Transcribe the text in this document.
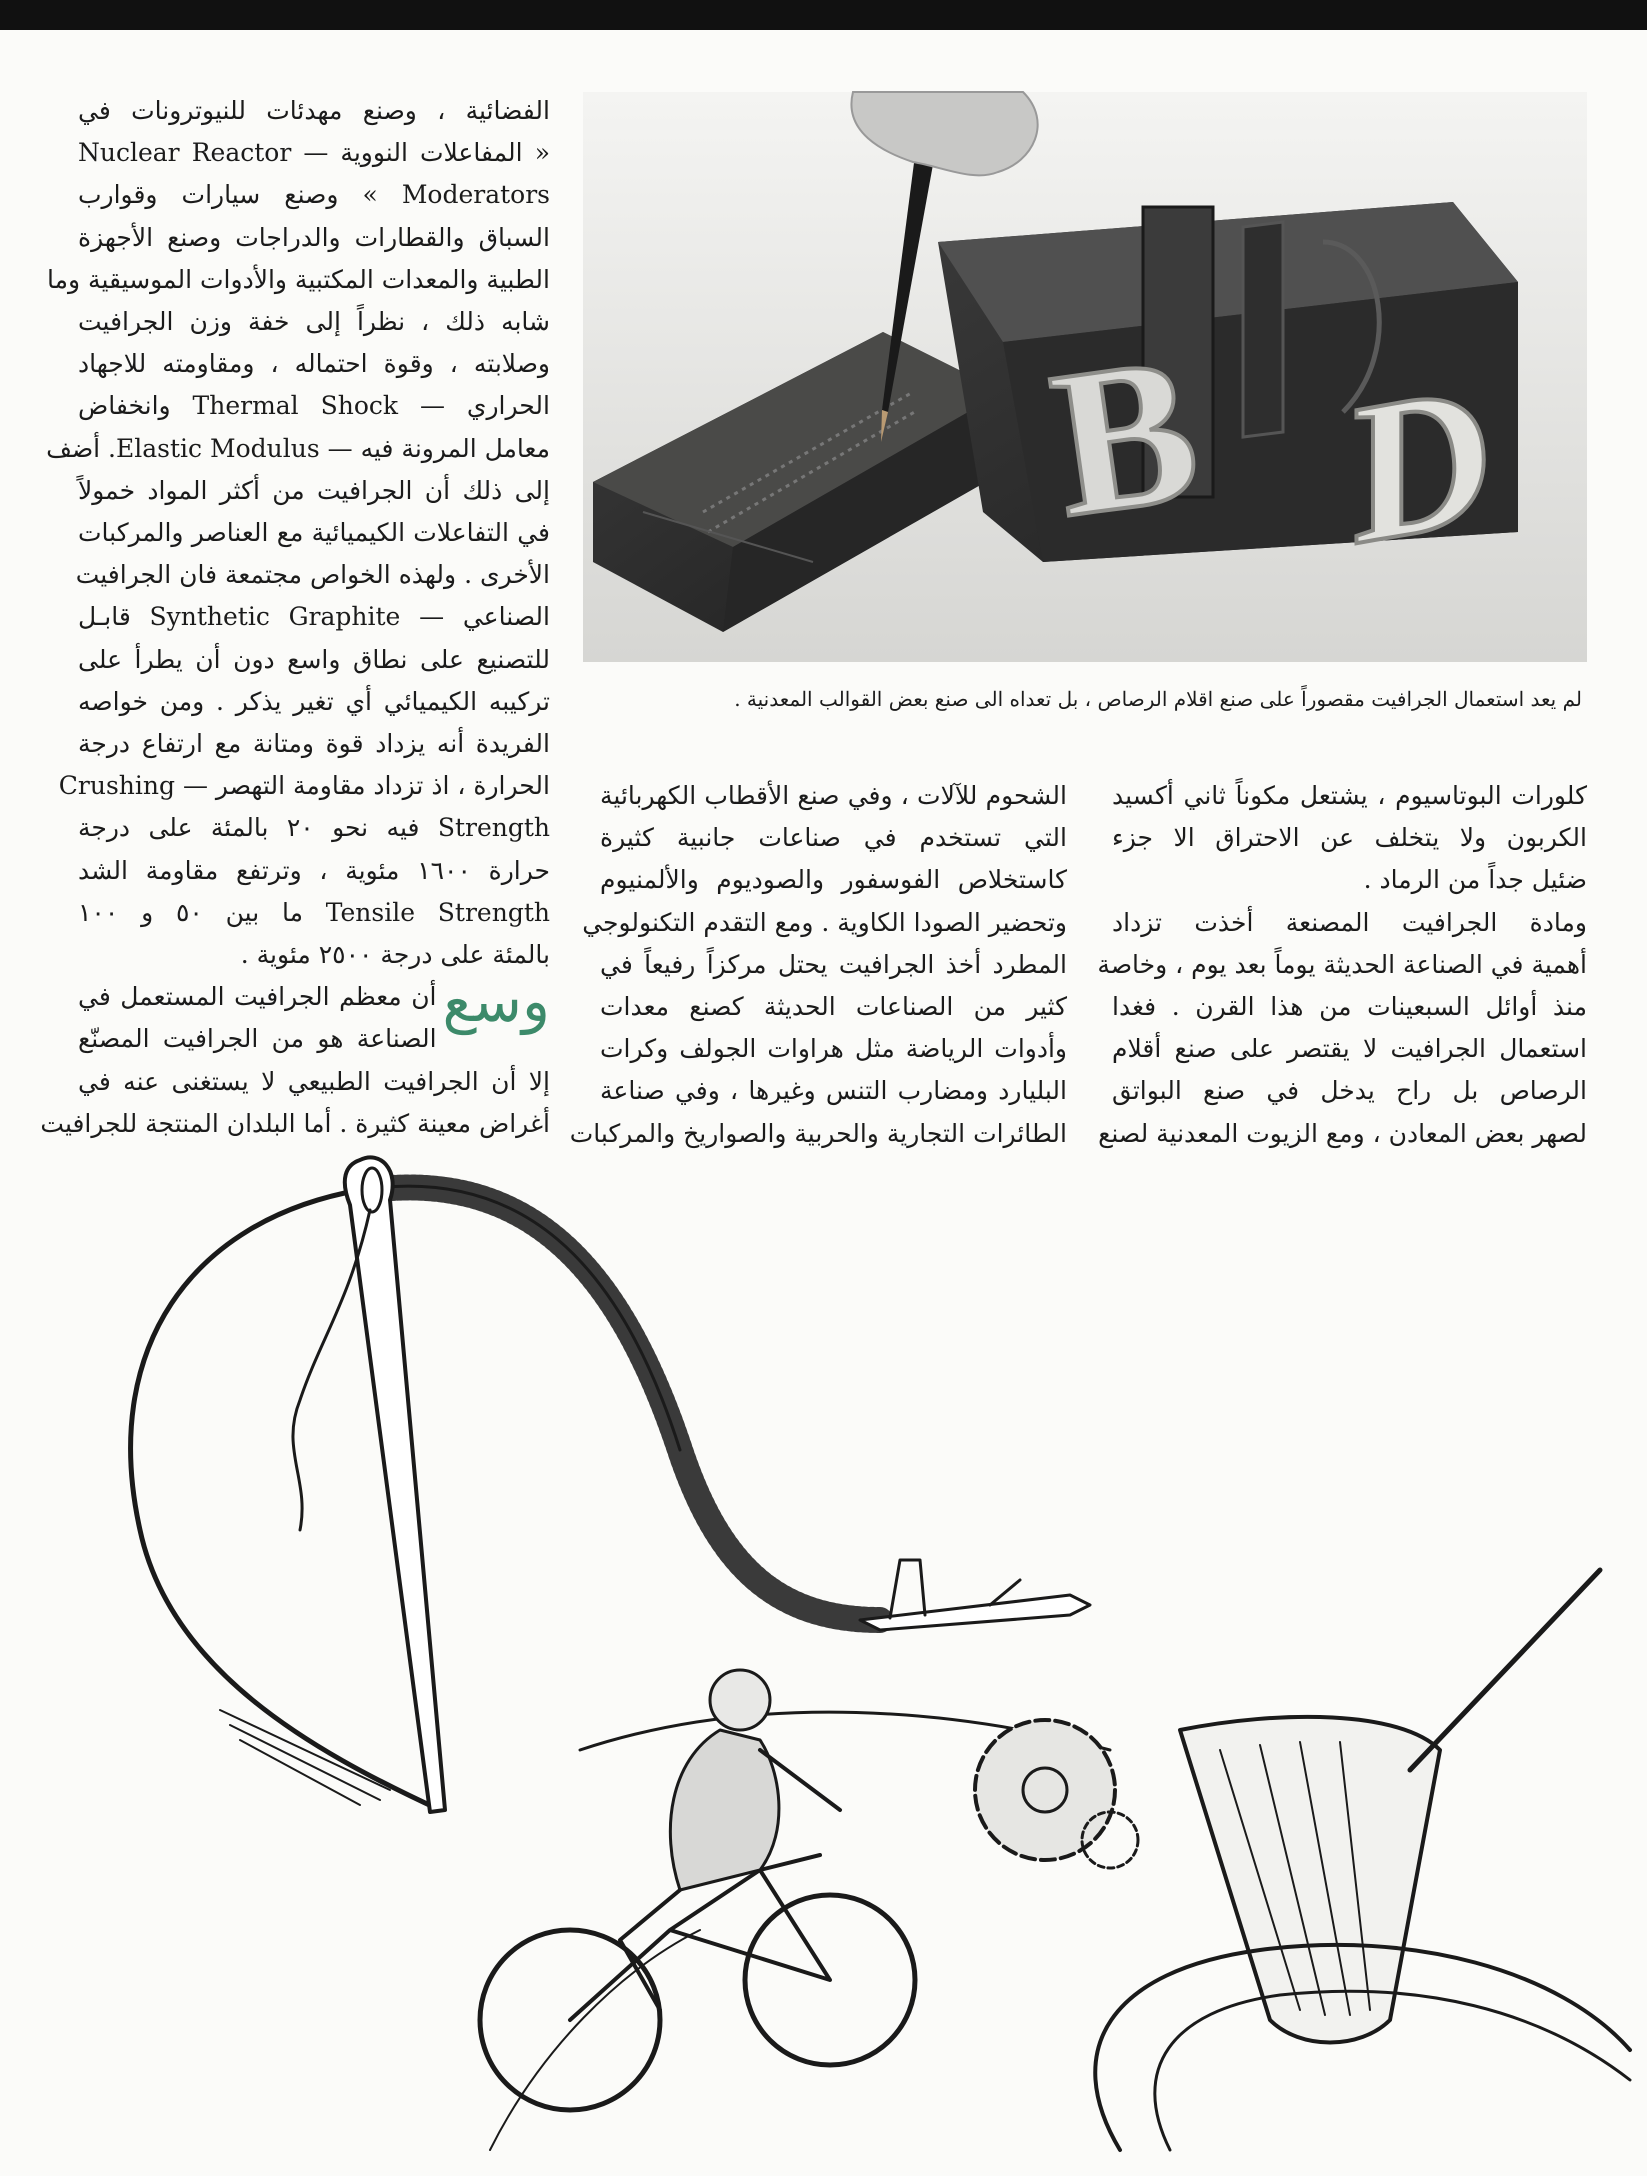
الفضائية ، وصنع مهدئات للنيوترونات في
« المفاعلات النووية — Nuclear Reactor
Moderators » وصنع سيارات وقوارب
السباق والقطارات والدراجات وصنع الأجهزة
الطبية والمعدات المكتبية والأدوات الموسيقية وما
شابه ذلك ، نظراً إلى خفة وزن الجرافيت
وصلابته ، وقوة احتماله ، ومقاومته للاجهاد
الحراري — Thermal Shock وانخفاض
معامل المرونة فيه — Elastic Modulus. أضف
إلى ذلك أن الجرافيت من أكثر المواد خمولاً
في التفاعلات الكيميائية مع العناصر والمركبات
الأخرى . ولهذه الخواص مجتمعة فان الجرافيت
الصناعي — Synthetic Graphite قابـل
للتصنيع على نطاق واسع دون أن يطرأ على
تركيبه الكيميائي أي تغير يذكر . ومن خواصه
الفريدة أنه يزداد قوة ومتانة مع ارتفاع درجة
الحرارة ، اذ تزداد مقاومة التهصر — Crushing
Strength فيه نحو ٢٠ بالمئة على درجة
حرارة ١٦٠٠ مئوية ، وترتفع مقاومة الشد
Tensile Strength ما بين ٥٠ و ١٠٠
بالمئة على درجة ٢٥٠٠ مئوية .
وسع
أن معظم الجرافيت المستعمل في
الصناعة هو من الجرافيت المصنّع
إلا أن الجرافيت الطبيعي لا يستغنى عنه في
أغراض معينة كثيرة . أما البلدان المنتجة للجرافيت
B D
لم يعد استعمال الجرافيت مقصوراً على صنع اقلام الرصاص ، بل تعداه الى صنع بعض القوالب المعدنية .
الشحوم للآلات ، وفي صنع الأقطاب الكهربائية
التي تستخدم في صناعات جانبية كثيرة
كاستخلاص الفوسفور والصوديوم والألمنيوم
وتحضير الصودا الكاوية . ومع التقدم التكنولوجي
المطرد أخذ الجرافيت يحتل مركزاً رفيعاً في
كثير من الصناعات الحديثة كصنع معدات
وأدوات الرياضة مثل هراوات الجولف وكرات
البليارد ومضارب التنس وغيرها ، وفي صناعة
الطائرات التجارية والحربية والصواريخ والمركبات
كلورات البوتاسيوم ، يشتعل مكوناً ثاني أكسيد
الكربون ولا يتخلف عن الاحتراق الا جزء
ضئيل جداً من الرماد .
ومادة الجرافيت المصنعة أخذت تزداد
أهمية في الصناعة الحديثة يوماً بعد يوم ، وخاصة
منذ أوائل السبعينات من هذا القرن . فغدا
استعمال الجرافيت لا يقتصر على صنع أقلام
الرصاص بل راح يدخل في صنع البواتق
لصهر بعض المعادن ، ومع الزيوت المعدنية لصنع
